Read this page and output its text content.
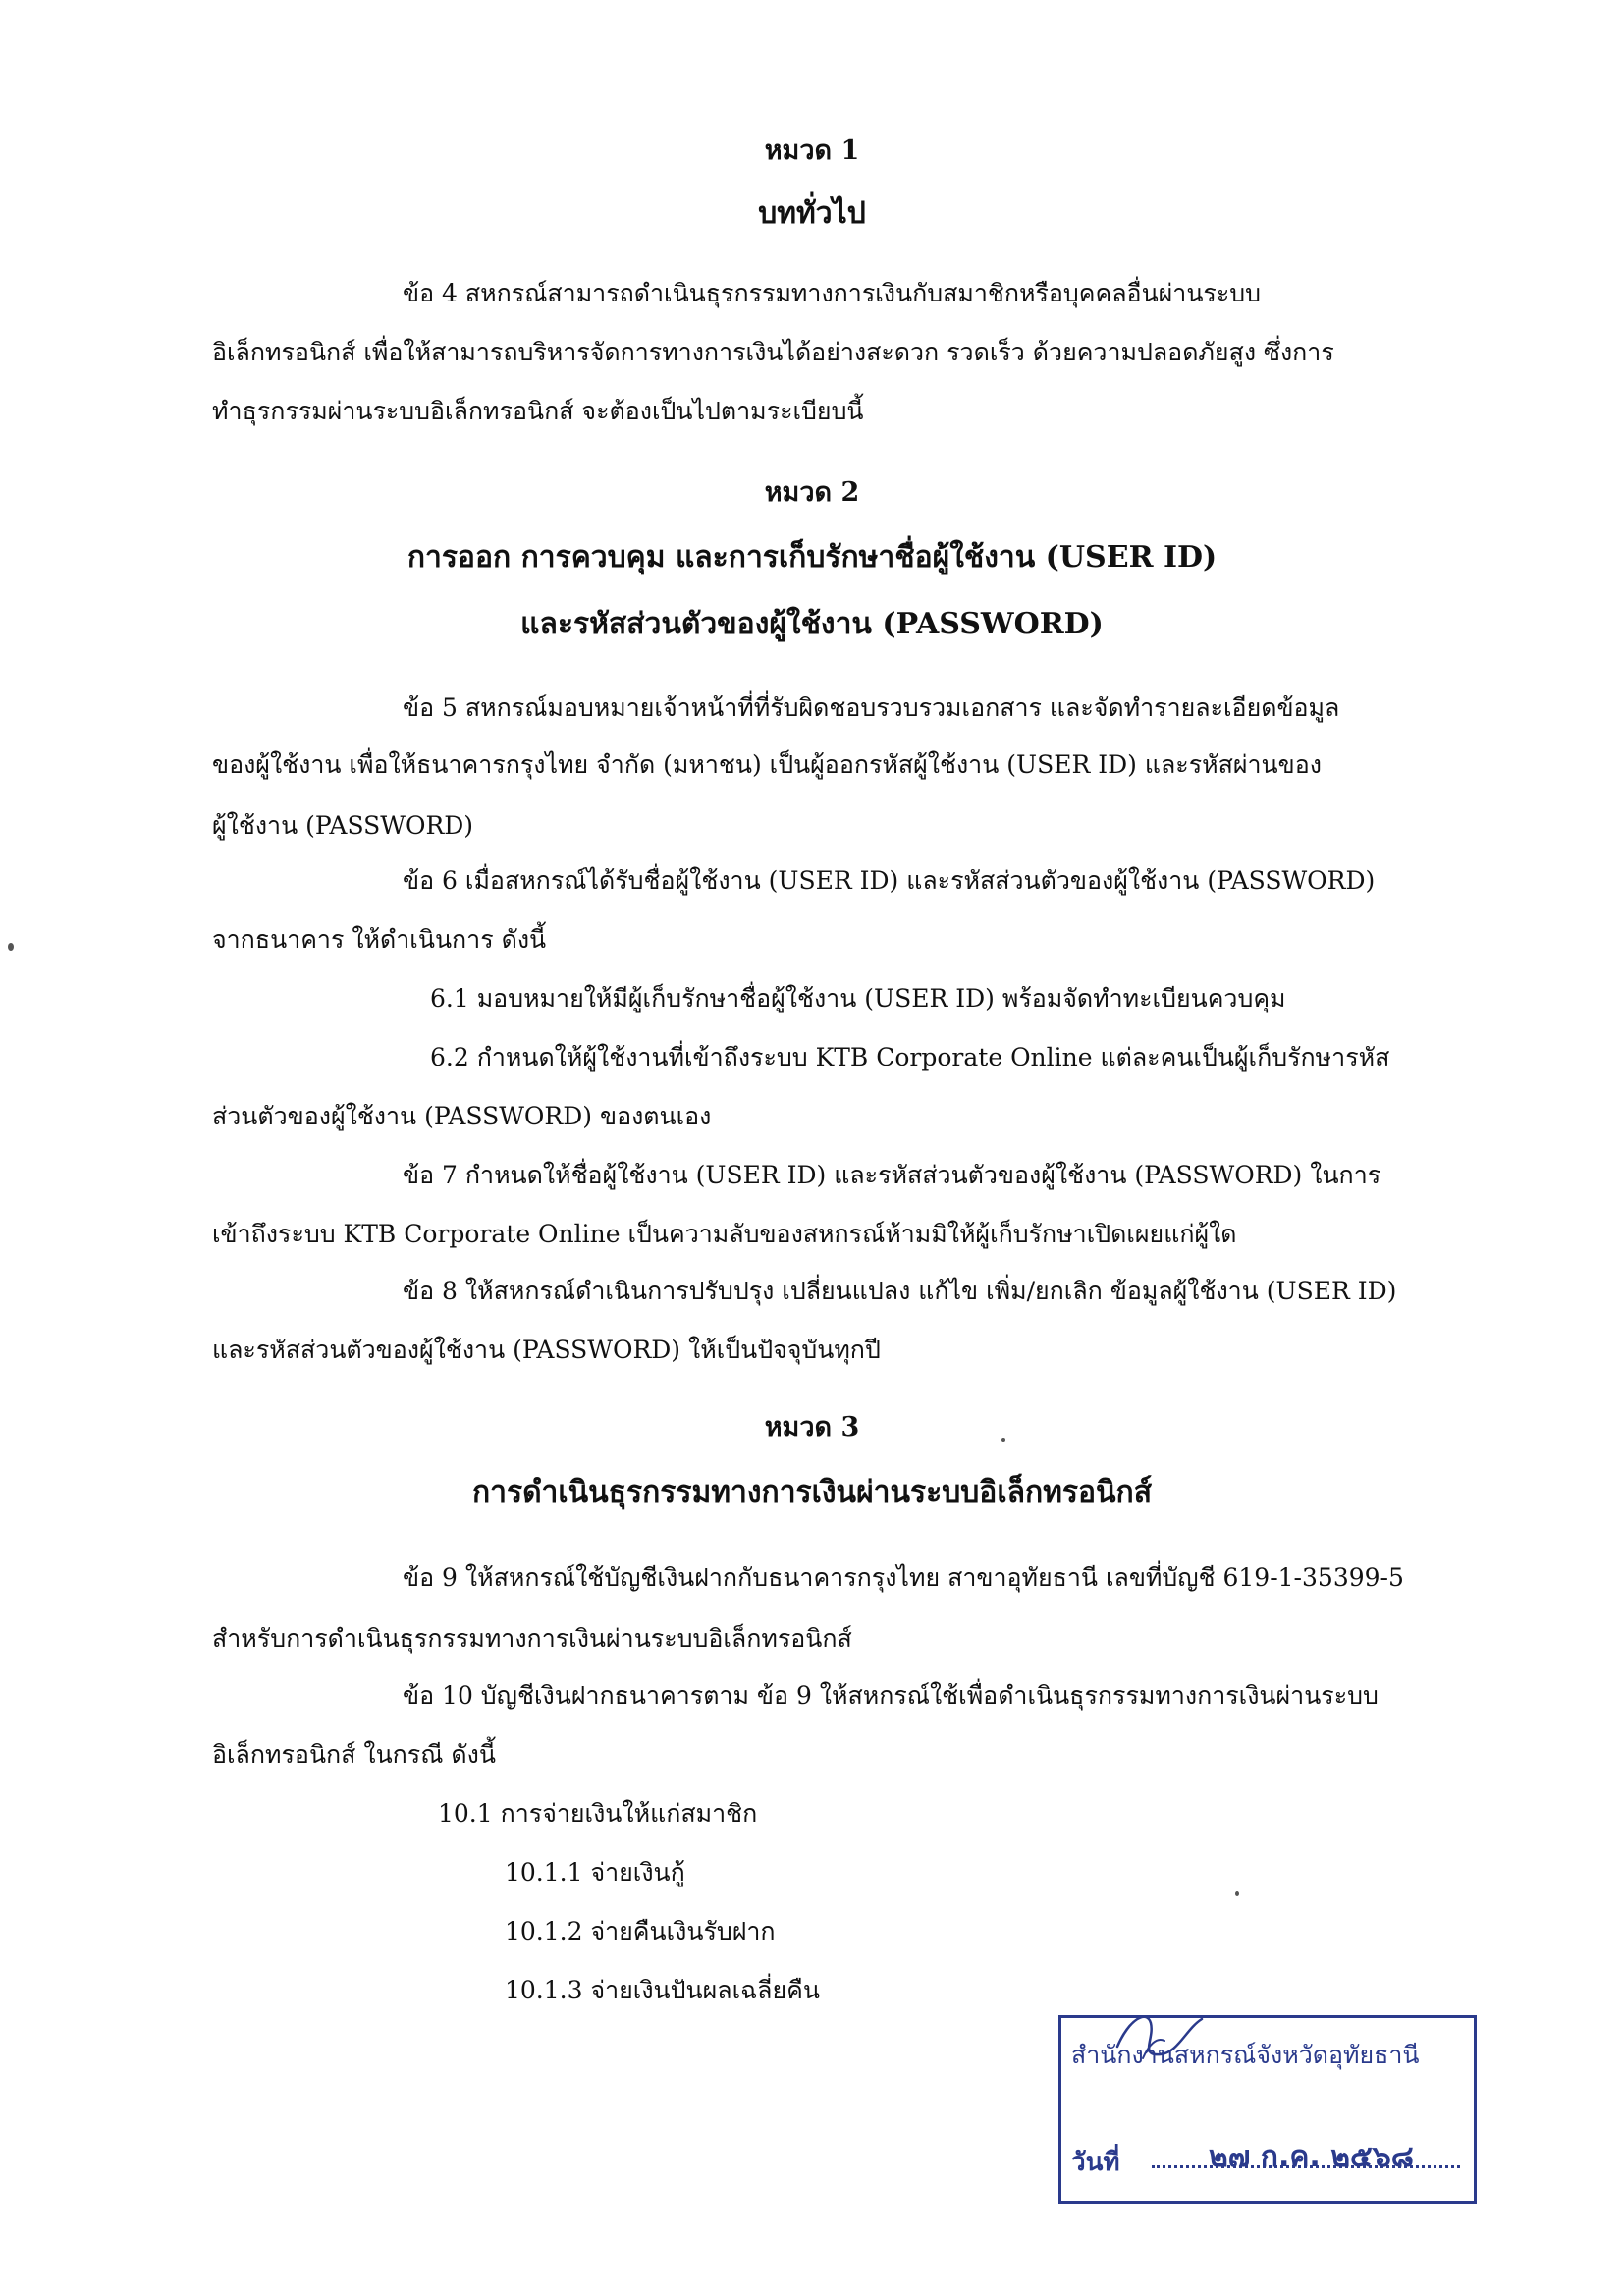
หมวด 1

บททั่วไป

ข้อ 4 สหกรณ์สามารถดำเนินธุรกรรมทางการเงินกับสมาชิกหรือบุคคลอื่นผ่านระบบ

อิเล็กทรอนิกส์ เพื่อให้สามารถบริหารจัดการทางการเงินได้อย่างสะดวก รวดเร็ว ด้วยความปลอดภัยสูง ซึ่งการ

ทำธุรกรรมผ่านระบบอิเล็กทรอนิกส์ จะต้องเป็นไปตามระเบียบนี้

หมวด 2

การออก การควบคุม และการเก็บรักษาชื่อผู้ใช้งาน (USER ID)

และรหัสส่วนตัวของผู้ใช้งาน (PASSWORD)

ข้อ 5 สหกรณ์มอบหมายเจ้าหน้าที่ที่รับผิดชอบรวบรวมเอกสาร และจัดทำรายละเอียดข้อมูล

ของผู้ใช้งาน เพื่อให้ธนาคารกรุงไทย จำกัด (มหาชน) เป็นผู้ออกรหัสผู้ใช้งาน (USER ID) และรหัสผ่านของ

ผู้ใช้งาน (PASSWORD)

ข้อ 6 เมื่อสหกรณ์ได้รับชื่อผู้ใช้งาน (USER ID) และรหัสส่วนตัวของผู้ใช้งาน (PASSWORD)

จากธนาคาร ให้ดำเนินการ ดังนี้

6.1 มอบหมายให้มีผู้เก็บรักษาชื่อผู้ใช้งาน (USER ID) พร้อมจัดทำทะเบียนควบคุม

6.2 กำหนดให้ผู้ใช้งานที่เข้าถึงระบบ KTB Corporate Online แต่ละคนเป็นผู้เก็บรักษารหัส

ส่วนตัวของผู้ใช้งาน (PASSWORD) ของตนเอง

ข้อ 7 กำหนดให้ชื่อผู้ใช้งาน (USER ID) และรหัสส่วนตัวของผู้ใช้งาน (PASSWORD) ในการ

เข้าถึงระบบ KTB Corporate Online เป็นความลับของสหกรณ์ห้ามมิให้ผู้เก็บรักษาเปิดเผยแก่ผู้ใด

ข้อ 8 ให้สหกรณ์ดำเนินการปรับปรุง เปลี่ยนแปลง แก้ไข เพิ่ม/ยกเลิก ข้อมูลผู้ใช้งาน (USER ID)

และรหัสส่วนตัวของผู้ใช้งาน (PASSWORD) ให้เป็นปัจจุบันทุกปี

หมวด 3

การดำเนินธุรกรรมทางการเงินผ่านระบบอิเล็กทรอนิกส์

ข้อ 9 ให้สหกรณ์ใช้บัญชีเงินฝากกับธนาคารกรุงไทย สาขาอุทัยธานี เลขที่บัญชี 619-1-35399-5

สำหรับการดำเนินธุรกรรมทางการเงินผ่านระบบอิเล็กทรอนิกส์

ข้อ 10 บัญชีเงินฝากธนาคารตาม ข้อ 9 ให้สหกรณ์ใช้เพื่อดำเนินธุรกรรมทางการเงินผ่านระบบ

อิเล็กทรอนิกส์ ในกรณี ดังนี้

10.1 การจ่ายเงินให้แก่สมาชิก

10.1.1 จ่ายเงินกู้

10.1.2 จ่ายคืนเงินรับฝาก

10.1.3 จ่ายเงินปันผลเฉลี่ยคืน

สำนักงานสหกรณ์จังหวัดอุทัยธานี
วันที่	๒๗ ก.ค. ๒๕๖๘
